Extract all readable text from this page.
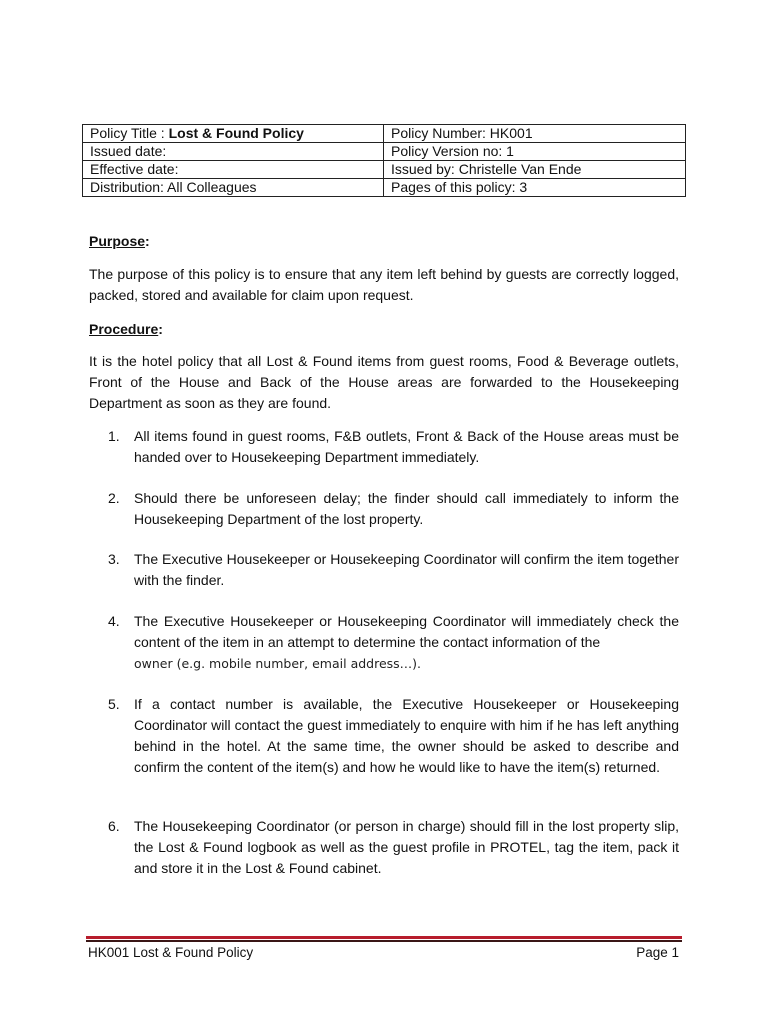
Policy Title : Lost & Found Policy	Policy Number: HK001
Issued date:	Policy Version no: 1
Effective date:	Issued by: Christelle Van Ende
Distribution: All Colleagues	Pages of this policy: 3
Purpose:

The purpose of this policy is to ensure that any item left behind by guests are correctly logged, packed, stored and available for claim upon request.

Procedure:

It is the hotel policy that all Lost & Found items from guest rooms, Food & Beverage outlets, Front of the House and Back of the House areas are forwarded to the Housekeeping Department as soon as they are found.

1.	All items found in guest rooms, F&B outlets, Front & Back of the House areas must be handed over to Housekeeping Department immediately.
2.	Should there be unforeseen delay; the finder should call immediately to inform the Housekeeping Department of the lost property.
3.	The Executive Housekeeper or Housekeeping Coordinator will confirm the item together with the finder.
4.	The Executive Housekeeper or Housekeeping Coordinator will immediately check the content of the item in an attempt to determine the contact information of the
owner (e.g. mobile number, email address…).
5.	If a contact number is available, the Executive Housekeeper or Housekeeping Coordinator will contact the guest immediately to enquire with him if he has left anything behind in the hotel. At the same time, the owner should be asked to describe and confirm the content of the item(s) and how he would like to have the item(s) returned.
6.	The Housekeeping Coordinator (or person in charge) should fill in the lost property slip, the Lost & Found logbook as well as the guest profile in PROTEL, tag the item, pack it and store it in the Lost & Found cabinet.
HK001 Lost & Found Policy	Page 1
